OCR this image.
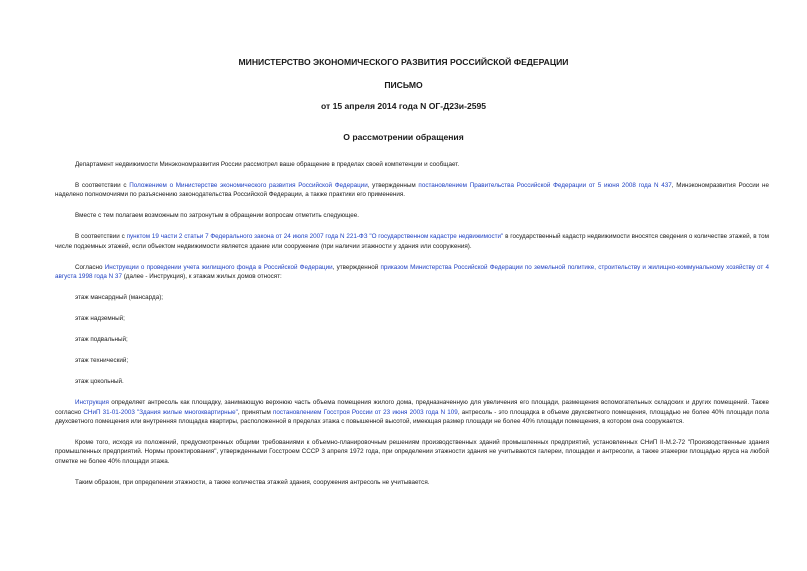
МИНИСТЕРСТВО ЭКОНОМИЧЕСКОГО РАЗВИТИЯ РОССИЙСКОЙ ФЕДЕРАЦИИ
ПИСЬМО
от 15 апреля 2014 года N ОГ-Д23и-2595
О рассмотрении обращения

Департамент недвижимости Минэкономразвития России рассмотрел ваше обращение в пределах своей компетенции и сообщает.

В соответствии с Положением о Министерстве экономического развития Российской Федерации, утвержденным постановлением Правительства Российской Федерации от 5 июня 2008 года N 437, Минэкономразвития России не наделено полномочиями по разъяснению законодательства Российской Федерации, а также практики его применения.

Вместе с тем полагаем возможным по затронутым в обращении вопросам отметить следующее.

В соответствии с пунктом 19 части 2 статьи 7 Федерального закона от 24 июля 2007 года N 221-ФЗ "О государственном кадастре недвижимости" в государственный кадастр недвижимости вносятся сведения о количестве этажей, в том числе подземных этажей, если объектом недвижимости является здание или сооружение (при наличии этажности у здания или сооружения).

Согласно Инструкции о проведении учета жилищного фонда в Российской Федерации, утвержденной приказом Министерства Российской Федерации по земельной политике, строительству и жилищно-коммунальному хозяйству от 4 августа 1998 года N 37 (далее - Инструкция), к этажам жилых домов относят:

этаж мансардный (мансарда);

этаж надземный;

этаж подвальный;

этаж технический;

этаж цокольный.

Инструкция определяет антресоль как площадку, занимающую верхнюю часть объема помещения жилого дома, предназначенную для увеличения его площади, размещения вспомогательных складских и других помещений. Также согласно СНиП 31-01-2003 "Здания жилые многоквартирные", принятым постановлением Госстроя России от 23 июня 2003 года N 109, антресоль - это площадка в объеме двухсветного помещения, площадью не более 40% площади пола двухсветного помещения или внутренняя площадка квартиры, расположенной в пределах этажа с повышенной высотой, имеющая размер площади не более 40% площади помещения, в котором она сооружается.

Кроме того, исходя из положений, предусмотренных общими требованиями к объемно-планировочным решениям производственных зданий промышленных предприятий, установленных СНиП II-М.2-72 "Производственные здания промышленных предприятий. Нормы проектирования", утвержденными Госстроем СССР 3 апреля 1972 года, при определении этажности здания не учитываются галереи, площадки и антресоли, а также этажерки площадью яруса на любой отметке не более 40% площади этажа.

Таким образом, при определении этажности, а также количества этажей здания, сооружения антресоль не учитывается.
